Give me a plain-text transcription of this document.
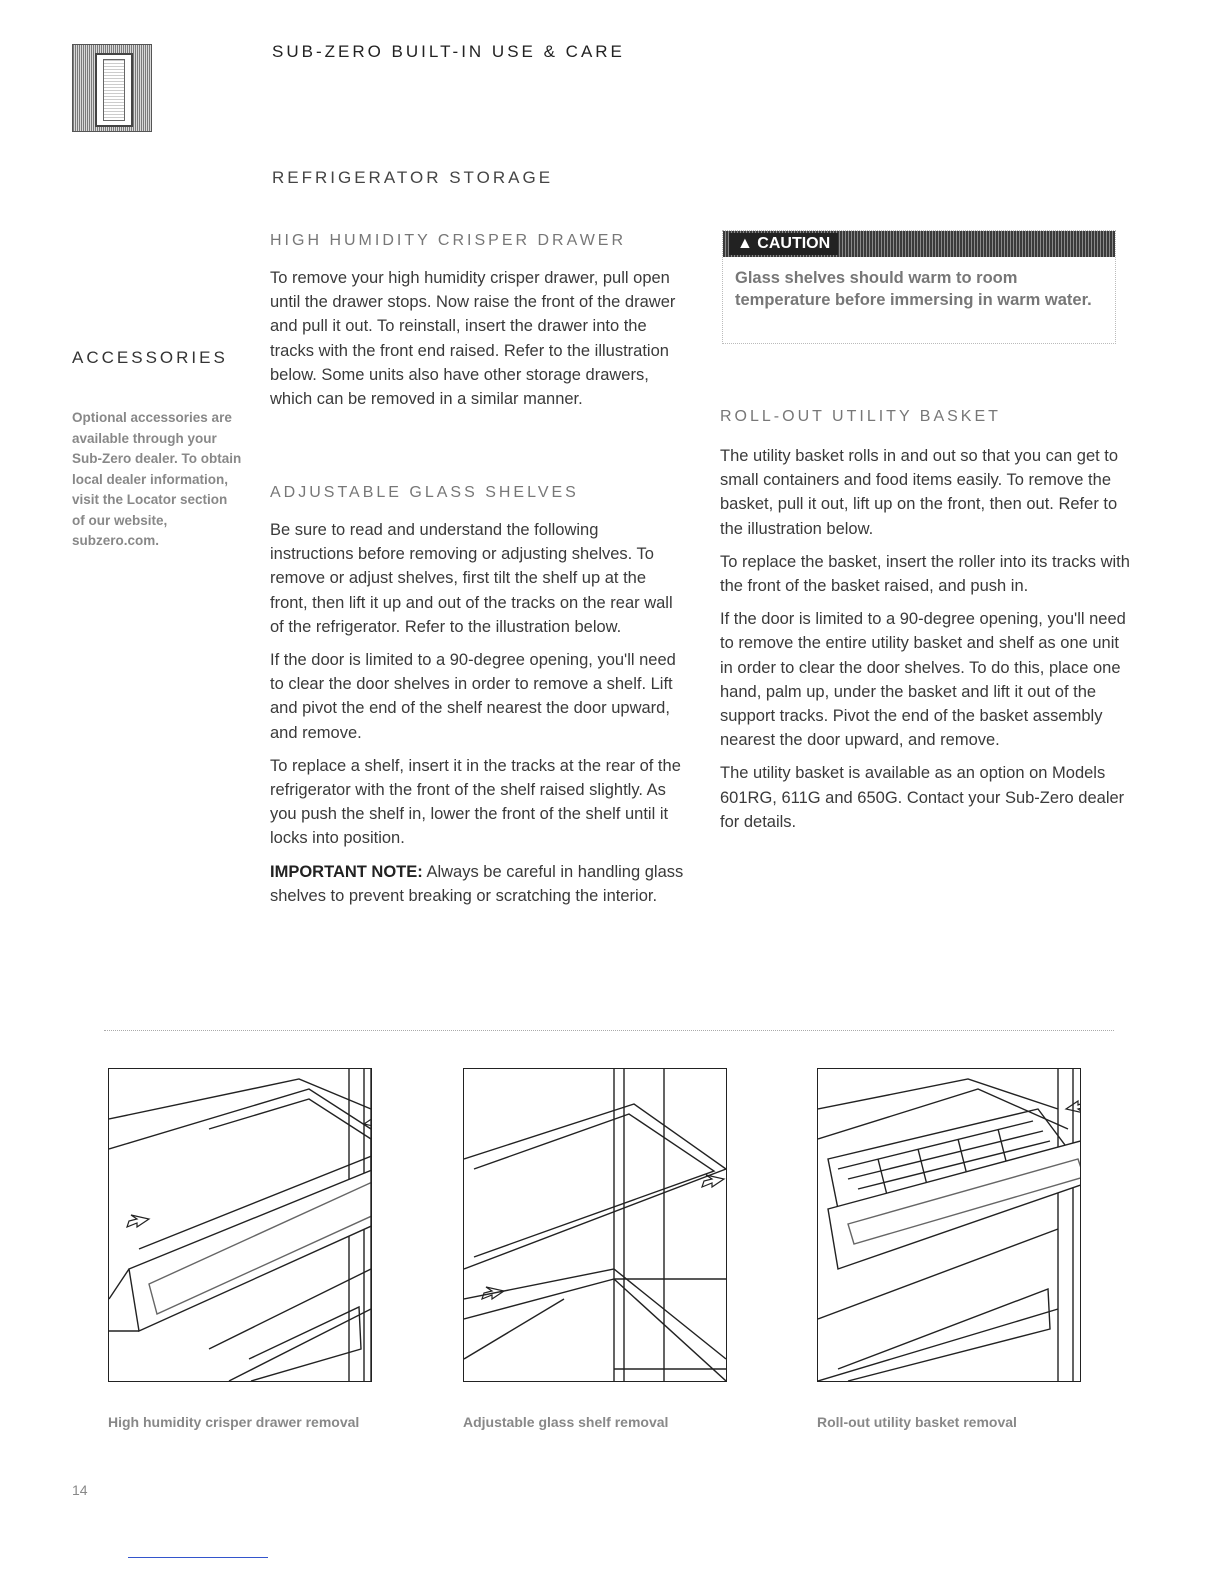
SUB-ZERO BUILT-IN USE & CARE
REFRIGERATOR STORAGE
ACCESSORIES
Optional accessories are available through your Sub-Zero dealer. To obtain local dealer information, visit the Locator section of our website, subzero.com.
HIGH HUMIDITY CRISPER DRAWER

To remove your high humidity crisper drawer, pull open until the drawer stops. Now raise the front of the drawer and pull it out. To reinstall, insert the drawer into the tracks with the front end raised. Refer to the illustration below. Some units also have other storage drawers, which can be removed in a similar manner.

ADJUSTABLE GLASS SHELVES

Be sure to read and understand the following instructions before removing or adjusting shelves. To remove or adjust shelves, first tilt the shelf up at the front, then lift it up and out of the tracks on the rear wall of the refrigerator. Refer to the illustration below.

If the door is limited to a 90-degree opening, you'll need to clear the door shelves in order to remove a shelf. Lift and pivot the end of the shelf nearest the door upward, and remove.

To replace a shelf, insert it in the tracks at the rear of the refrigerator with the front of the shelf raised slightly. As you push the shelf in, lower the front of the shelf until it locks into position.

IMPORTANT NOTE: Always be careful in handling glass shelves to prevent breaking or scratching the interior.

▲ CAUTION

Glass shelves should warm to room temperature before immersing in warm water.

ROLL-OUT UTILITY BASKET

The utility basket rolls in and out so that you can get to small containers and food items easily. To remove the basket, pull it out, lift up on the front, then out. Refer to the illustration below.

To replace the basket, insert the roller into its tracks with the front of the basket raised, and push in.

If the door is limited to a 90-degree opening, you'll need to remove the entire utility basket and shelf as one unit in order to clear the door shelves. To do this, place one hand, palm up, under the basket and lift it out of the support tracks. Pivot the end of the basket assembly nearest the door upward, and remove.

The utility basket is available as an option on Models 601RG, 611G and 650G. Contact your Sub-Zero dealer for details.

High humidity crisper drawer removal	Adjustable glass shelf removal	Roll-out utility basket removal
14
